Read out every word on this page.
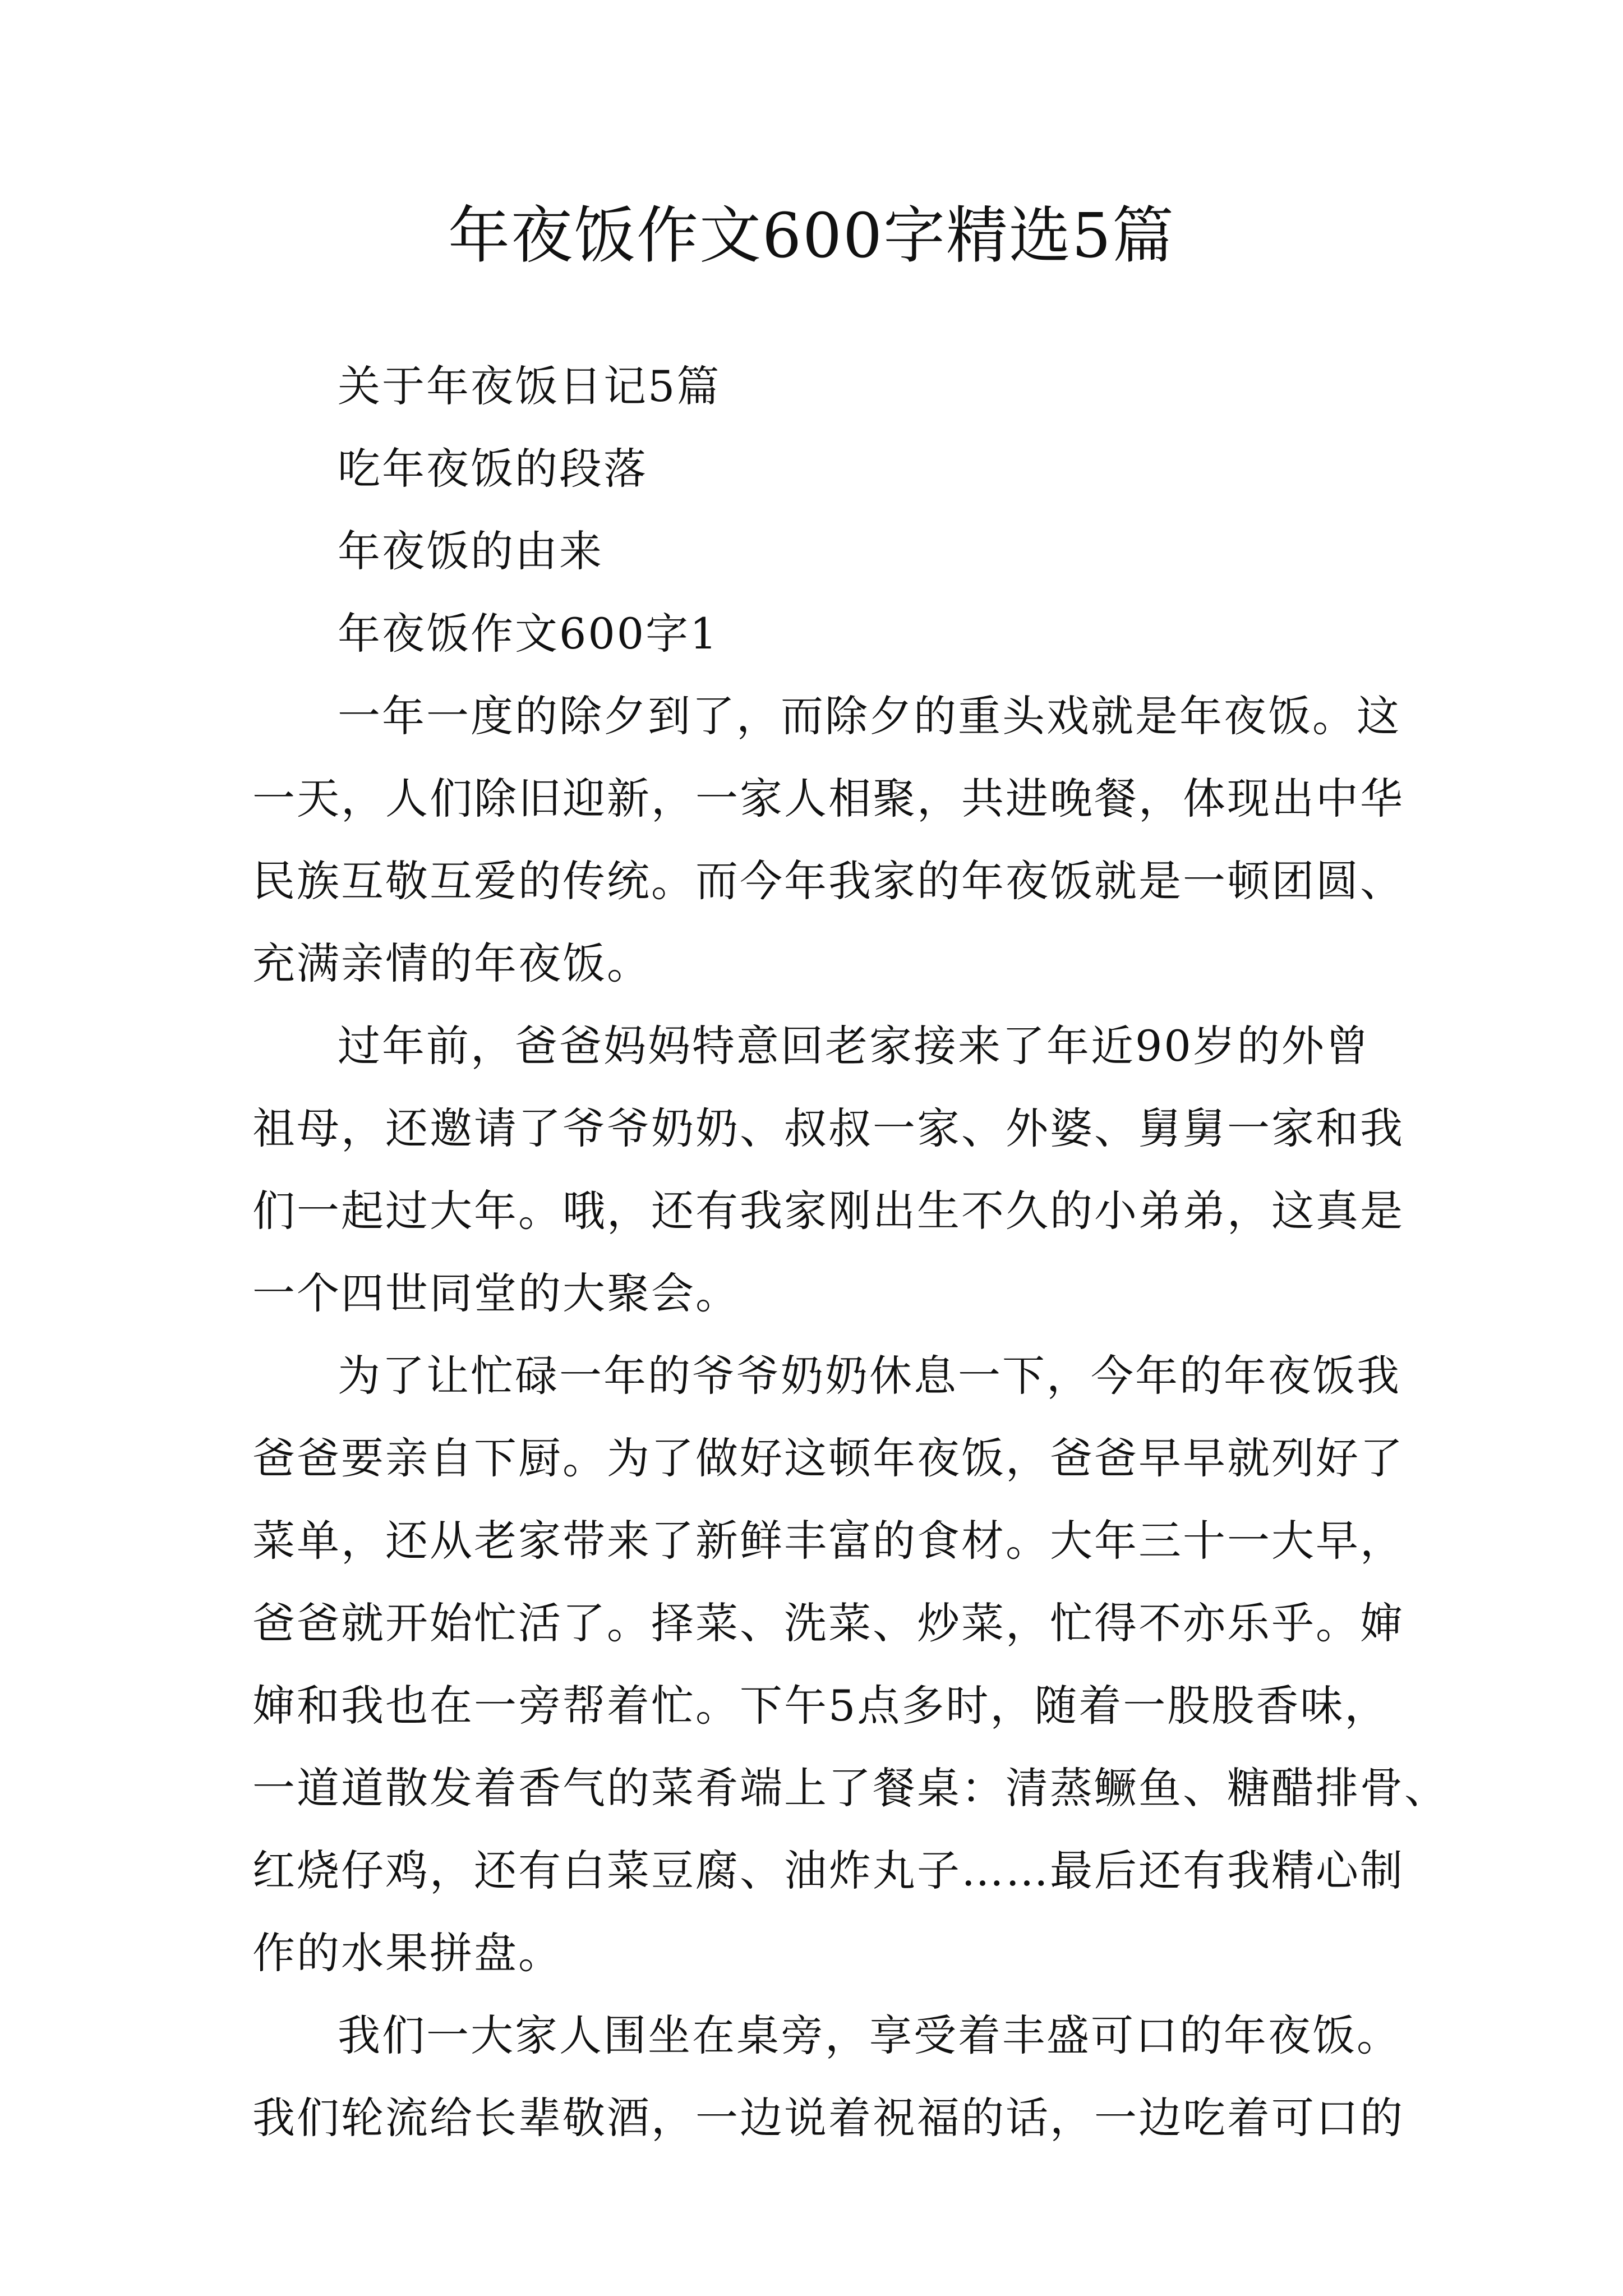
年夜饭作文600字精选5篇

关于年夜饭日记5篇

吃年夜饭的段落

年夜饭的由来

年夜饭作文600字1

一年一度的除夕到了，而除夕的重头戏就是年夜饭。这

一天，人们除旧迎新，一家人相聚，共进晚餐，体现出中华

民族互敬互爱的传统。而今年我家的年夜饭就是一顿团圆、

充满亲情的年夜饭。

过年前，爸爸妈妈特意回老家接来了年近90岁的外曾

祖母，还邀请了爷爷奶奶、叔叔一家、外婆、舅舅一家和我

们一起过大年。哦，还有我家刚出生不久的小弟弟，这真是

一个四世同堂的大聚会。

为了让忙碌一年的爷爷奶奶休息一下，今年的年夜饭我

爸爸要亲自下厨。为了做好这顿年夜饭，爸爸早早就列好了

菜单，还从老家带来了新鲜丰富的食材。大年三十一大早，

爸爸就开始忙活了。择菜、洗菜、炒菜，忙得不亦乐乎。婶

婶和我也在一旁帮着忙。下午5点多时，随着一股股香味，

一道道散发着香气的菜肴端上了餐桌：清蒸鳜鱼、糖醋排骨、

红烧仔鸡，还有白菜豆腐、油炸丸子……最后还有我精心制

作的水果拼盘。

我们一大家人围坐在桌旁，享受着丰盛可口的年夜饭。

我们轮流给长辈敬酒，一边说着祝福的话，一边吃着可口的
